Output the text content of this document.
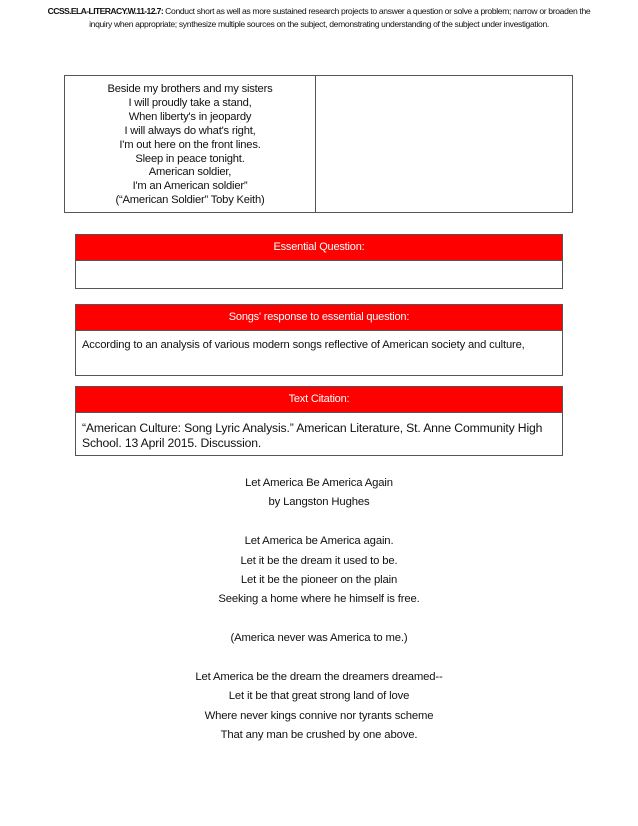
CCSS.ELA-LITERACY.W.11-12.7: Conduct short as well as more sustained research projects to answer a question or solve a problem; narrow or broaden the inquiry when appropriate; synthesize multiple sources on the subject, demonstrating understanding of the subject under investigation.
Beside my brothers and my sisters
I will proudly take a stand,
When liberty's in jeopardy
I will always do what's right,
I'm out here on the front lines.
Sleep in peace tonight.
American soldier,
I'm an American soldier”
(“American Soldier” Toby Keith)
Essential Question:
Songs' response to essential question:
According to an analysis of various modern songs reflective of American society and culture,
Text Citation:
“American Culture: Song Lyric Analysis.” American Literature, St. Anne Community High School. 13 April 2015. Discussion.
Let America Be America Again
by Langston Hughes
Let America be America again.
Let it be the dream it used to be.
Let it be the pioneer on the plain
Seeking a home where he himself is free.
(America never was America to me.)
Let America be the dream the dreamers dreamed--
Let it be that great strong land of love
Where never kings connive nor tyrants scheme
That any man be crushed by one above.
